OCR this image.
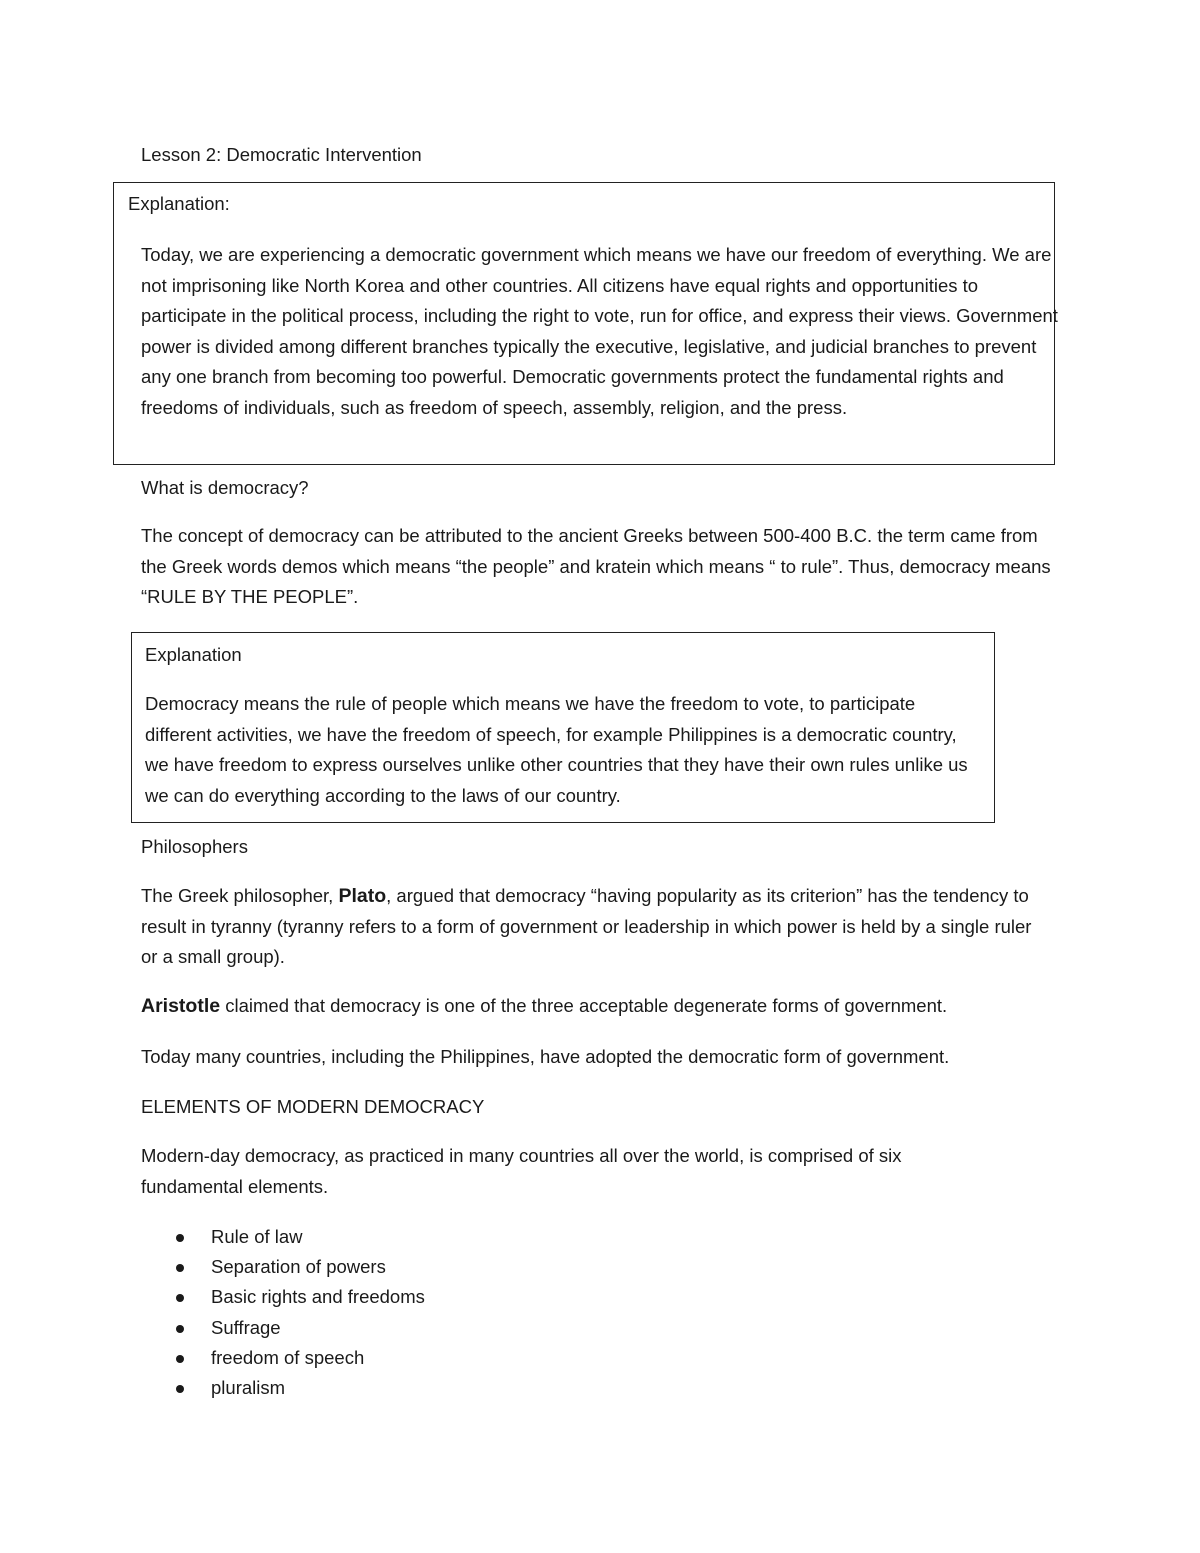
Lesson 2: Democratic Intervention
Explanation:

Today, we are experiencing a democratic government which means we have our freedom of everything. We are not imprisoning like North Korea and other countries. All citizens have equal rights and opportunities to participate in the political process, including the right to vote, run for office, and express their views. Government power is divided among different branches typically the executive, legislative, and judicial branches to prevent any one branch from becoming too powerful. Democratic governments protect the fundamental rights and freedoms of individuals, such as freedom of speech, assembly, religion, and the press.

What is democracy?

The concept of democracy can be attributed to the ancient Greeks between 500-400 B.C. the term came from the Greek words demos which means “the people” and kratein which means “ to rule”. Thus, democracy means “RULE BY THE PEOPLE”.

Explanation

Democracy means the rule of people which means we have the freedom to vote, to participate different activities, we have the freedom of speech, for example Philippines is a democratic country, we have freedom to express ourselves unlike other countries that they have their own rules unlike us we can do everything according to the laws of our country.

Philosophers

The Greek philosopher, Plato, argued that democracy “having popularity as its criterion” has the tendency to result in tyranny (tyranny refers to a form of government or leadership in which power is held by a single ruler or a small group).

Aristotle claimed that democracy is one of the three acceptable degenerate forms of government.

Today many countries, including the Philippines, have adopted the democratic form of government.
ELEMENTS OF MODERN DEMOCRACY

Modern-day democracy, as practiced in many countries all over the world, is comprised of six fundamental elements.

Rule of law
Separation of powers
Basic rights and freedoms
Suffrage
freedom of speech
pluralism
